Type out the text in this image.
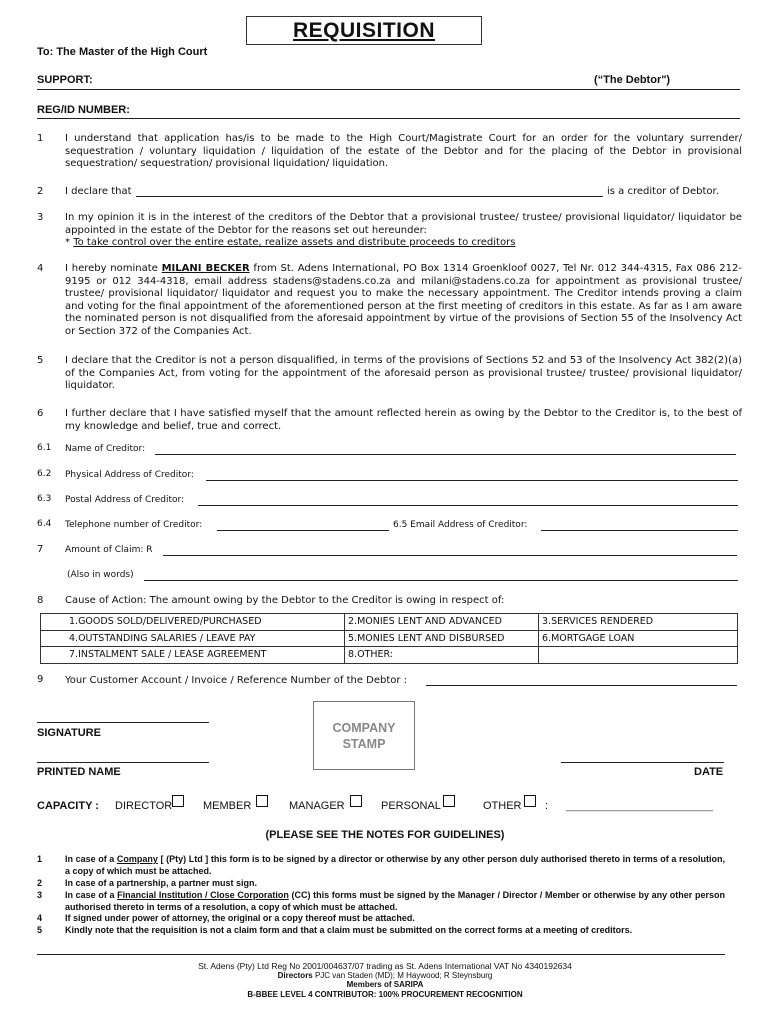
REQUISITION
To: The Master of the High Court
SUPPORT:	(“The Debtor")
REG/ID NUMBER:
1 I understand that application has/is to be made to the High Court/Magistrate Court for an order for the voluntary surrender/ sequestration / voluntary liquidation / liquidation of the estate of the Debtor and for the placing of the Debtor in provisional sequestration/ sequestration/ provisional liquidation/ liquidation.
2 I declare that	is a creditor of Debtor.
3 In my opinion it is in the interest of the creditors of the Debtor that a provisional trustee/ trustee/ provisional liquidator/ liquidator be appointed in the estate of the Debtor for the reasons set out hereunder:
* To take control over the entire estate, realize assets and distribute proceeds to creditors
4 I hereby nominate MILANI BECKER from St. Adens International, PO Box 1314 Groenkloof 0027, Tel Nr. 012 344-4315, Fax 086 212-9195 or 012 344-4318, email address stadens@stadens.co.za and milani@stadens.co.za for appointment as provisional trustee/ trustee/ provisional liquidator/ liquidator and request you to make the necessary appointment. The Creditor intends proving a claim and voting for the final appointment of the aforementioned person at the first meeting of creditors in this estate. As far as I am aware the nominated person is not disqualified from the aforesaid appointment by virtue of the provisions of Section 55 of the Insolvency Act or Section 372 of the Companies Act.
5 I declare that the Creditor is not a person disqualified, in terms of the provisions of Sections 52 and 53 of the Insolvency Act 382(2)(a) of the Companies Act, from voting for the appointment of the aforesaid person as provisional trustee/ trustee/ provisional liquidator/ liquidator.
6 I further declare that I have satisfied myself that the amount reflected herein as owing by the Debtor to the Creditor is, to the best of my knowledge and belief, true and correct.
6.1 Name of Creditor:
6.2 Physical Address of Creditor:
6.3 Postal Address of Creditor:
6.4 Telephone number of Creditor:	6.5 Email Address of Creditor:
7 Amount of Claim: R
(Also in words)
8 Cause of Action: The amount owing by the Debtor to the Creditor is owing in respect of:
1.GOODS SOLD/DELIVERED/PURCHASED	2.MONIES LENT AND ADVANCED	3.SERVICES RENDERED
4.OUTSTANDING SALARIES / LEAVE PAY	5.MONIES LENT AND DISBURSED	6.MORTGAGE LOAN
7.INSTALMENT SALE / LEASE AGREEMENT	8.OTHER:	
9 Your Customer Account / Invoice / Reference Number of the Debtor :
SIGNATURE	COMPANY
STAMP
PRINTED NAME	DATE
CAPACITY : DIRECTOR	MEMBER	MANAGER	PERSONAL	OTHER : ________________________
(PLEASE SEE THE NOTES FOR GUIDELINES)
1	In case of a Company [ (Pty) Ltd ] this form is to be signed by a director or otherwise by any other person duly authorised thereto in terms of a resolution, a copy of which must be attached.
2	In case of a partnership, a partner must sign.
3	In case of a Financial Institution / Close Corporation (CC) this forms must be signed by the Manager / Director / Member or otherwise by any other person authorised thereto in terms of a resolution, a copy of which must be attached.
4	If signed under power of attorney, the original or a copy thereof must be attached.
5	Kindly note that the requisition is not a claim form and that a claim must be submitted on the correct forms at a meeting of creditors.
St. Adens (Pty) Ltd Reg No 2001/004637/07 trading as St. Adens International VAT No 4340192634
Directors PJC van Staden (MD); M Haywood; R Steynsburg
Members of SARIPA
B-BBEE LEVEL 4 CONTRIBUTOR: 100% PROCUREMENT RECOGNITION
